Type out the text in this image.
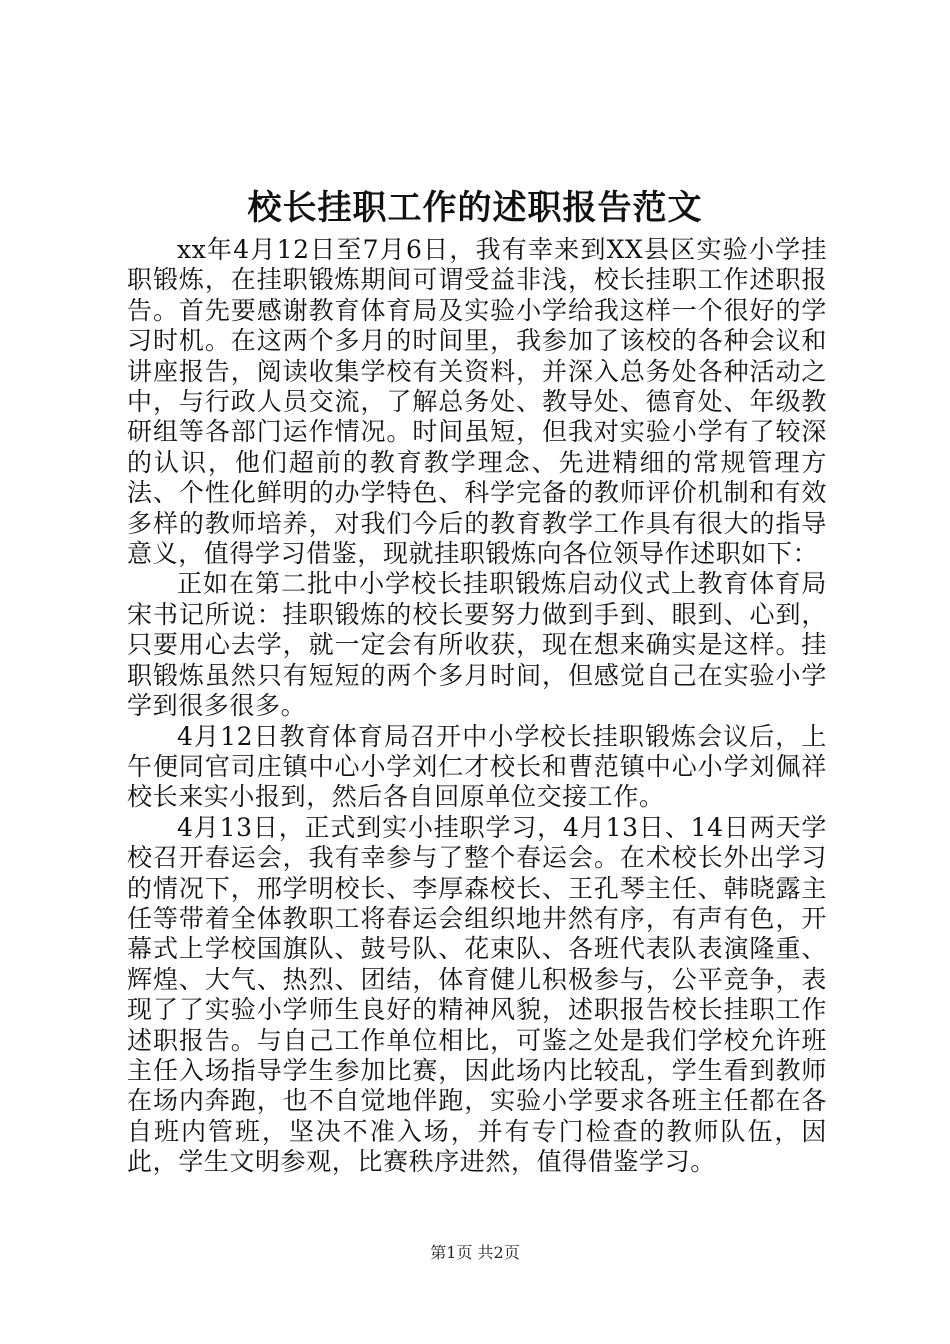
校长挂职工作的述职报告范文

xx年4月12日至7月6日，我有幸来到XX县区实验小学挂职锻炼，在挂职锻炼期间可谓受益非浅，校长挂职工作述职报告。首先要感谢教育体育局及实验小学给我这样一个很好的学习时机。在这两个多月的时间里，我参加了该校的各种会议和讲座报告，阅读收集学校有关资料，并深入总务处各种活动之中，与行政人员交流，了解总务处、教导处、德育处、年级教研组等各部门运作情况。时间虽短，但我对实验小学有了较深的认识，他们超前的教育教学理念、先进精细的常规管理方法、个性化鲜明的办学特色、科学完备的教师评价机制和有效多样的教师培养，对我们今后的教育教学工作具有很大的指导意义，值得学习借鉴，现就挂职锻炼向各位领导作述职如下：

正如在第二批中小学校长挂职锻炼启动仪式上教育体育局宋书记所说：挂职锻炼的校长要努力做到手到、眼到、心到，只要用心去学，就一定会有所收获，现在想来确实是这样。挂职锻炼虽然只有短短的两个多月时间，但感觉自己在实验小学学到很多很多。

4月12日教育体育局召开中小学校长挂职锻炼会议后，上午便同官司庄镇中心小学刘仁才校长和曹范镇中心小学刘佩祥校长来实小报到，然后各自回原单位交接工作。

4月13日，正式到实小挂职学习，4月13日、14日两天学校召开春运会，我有幸参与了整个春运会。在术校长外出学习的情况下，邢学明校长、李厚森校长、王孔琴主任、韩晓露主任等带着全体教职工将春运会组织地井然有序，有声有色，开幕式上学校国旗队、鼓号队、花束队、各班代表队表演隆重、辉煌、大气、热烈、团结，体育健儿积极参与，公平竞争，表现了了实验小学师生良好的精神风貌，述职报告校长挂职工作述职报告。与自己工作单位相比，可鉴之处是我们学校允许班主任入场指导学生参加比赛，因此场内比较乱，学生看到教师在场内奔跑，也不自觉地伴跑，实验小学要求各班主任都在各自班内管班，坚决不准入场，并有专门检查的教师队伍，因此，学生文明参观，比赛秩序进然，值得借鉴学习。

第1页 共2页
